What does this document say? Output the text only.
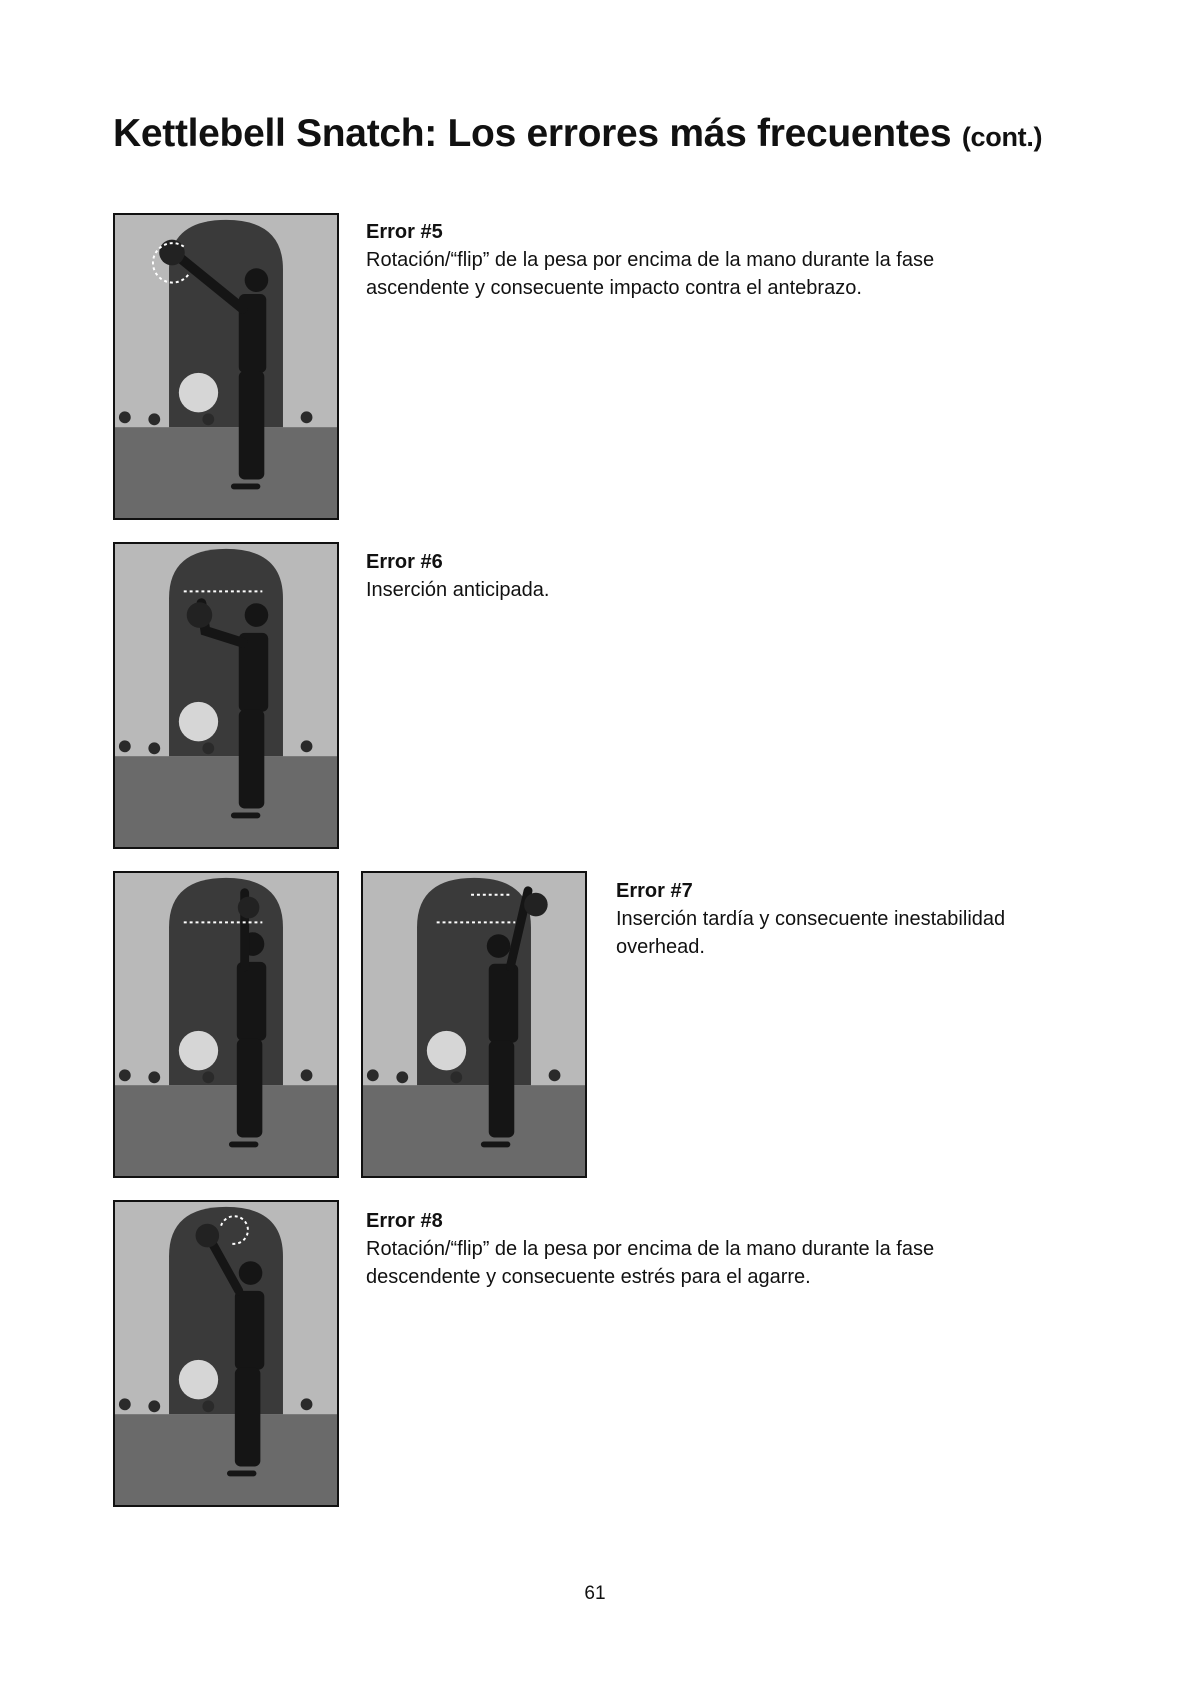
Kettlebell Snatch: Los errores más frecuentes (cont.)
Error #5

Rotación/“flip” de la pesa por encima de la mano durante la fase ascendente y consecuente impacto contra el antebrazo.

Error #6

Inserción anticipada.

Error #7

Inserción tardía y consecuente inestabilidad overhead.

Error #8

Rotación/“flip” de la pesa por encima de la mano durante la fase descendente y consecuente estrés para el agarre.

61
